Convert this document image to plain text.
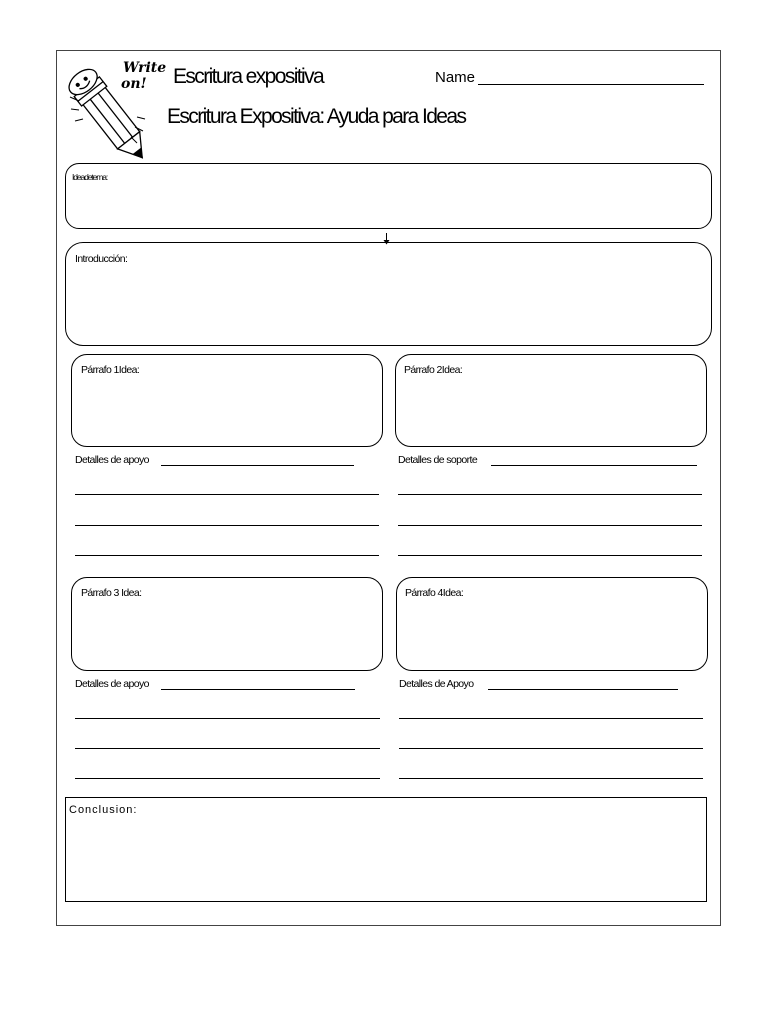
Write
on! Escritura expositiva
Escritura Expositiva: Ayuda para Ideas
Name
Ideadetema:
Introducción:
Párrafo 1Idea:
Detalles de apoyo
Párrafo 2Idea:
Detalles de soporte
Párrafo 3 Idea:
Detalles de apoyo
Párrafo 4Idea:
Detalles de Apoyo
Conclusion:
